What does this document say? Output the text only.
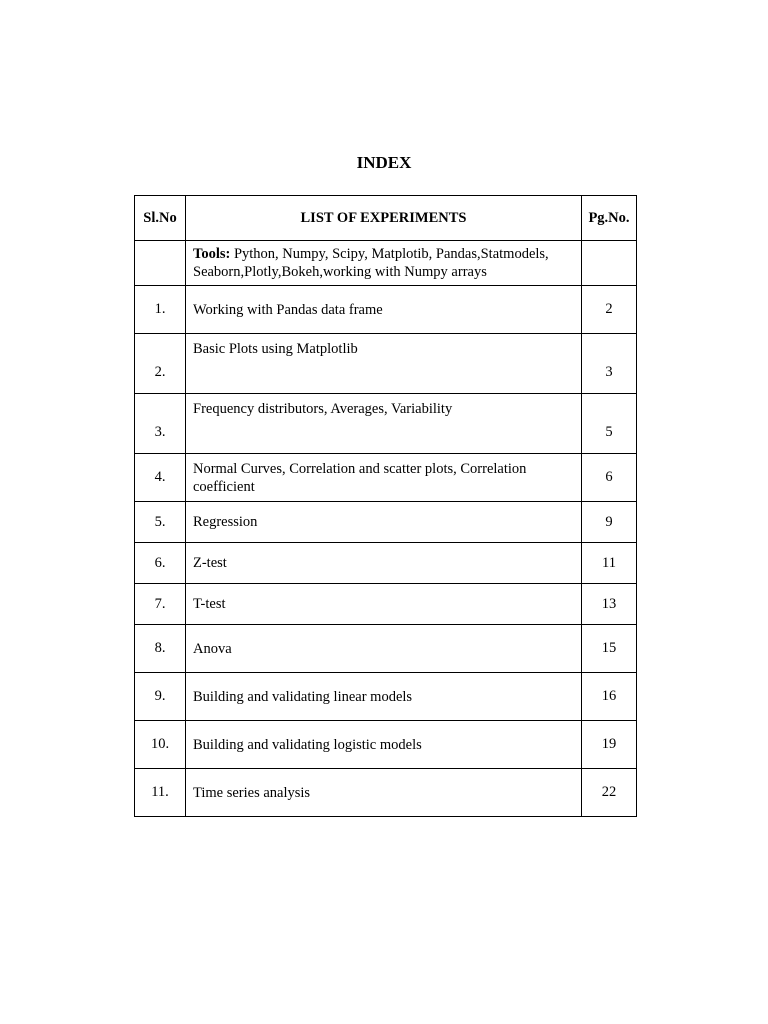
INDEX
Sl.No	LIST OF EXPERIMENTS	Pg.No.
	Tools: Python, Numpy, Scipy, Matplotib, Pandas,Statmodels, Seaborn,Plotly,Bokeh,working with Numpy arrays	
1.	Working with Pandas data frame	2
2.	Basic Plots using Matplotlib	3
3.	Frequency distributors, Averages, Variability	5
4.	Normal Curves, Correlation and scatter plots, Correlation coefficient	6
5.	Regression	9
6.	Z-test	11
7.	T-test	13
8.	Anova	15
9.	Building and validating linear models	16
10.	Building and validating logistic models	19
11.	Time series analysis	22
